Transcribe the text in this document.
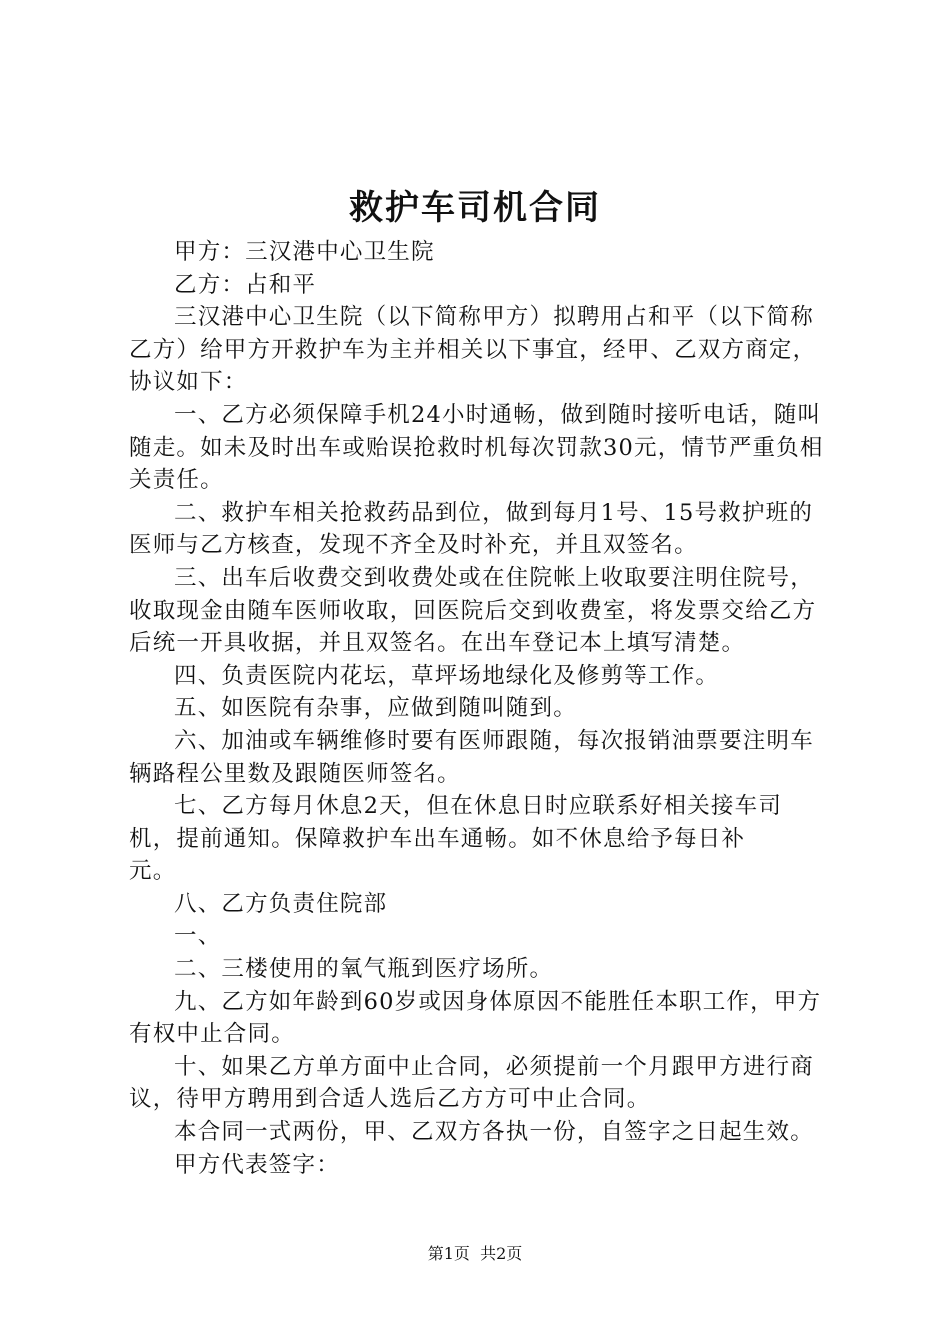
救护车司机合同

甲方：三汉港中心卫生院

乙方：占和平

三汉港中心卫生院（以下简称甲方）拟聘用占和平（以下简称乙方）给甲方开救护车为主并相关以下事宜，经甲、乙双方商定，协议如下：

一、乙方必须保障手机24小时通畅，做到随时接听电话，随叫随走。如未及时出车或贻误抢救时机每次罚款30元，情节严重负相关责任。

二、救护车相关抢救药品到位，做到每月1号、15号救护班的医师与乙方核查，发现不齐全及时补充，并且双签名。

三、出车后收费交到收费处或在住院帐上收取要注明住院号，收取现金由随车医师收取，回医院后交到收费室，将发票交给乙方后统一开具收据，并且双签名。在出车登记本上填写清楚。

四、负责医院内花坛，草坪场地绿化及修剪等工作。

五、如医院有杂事，应做到随叫随到。

六、加油或车辆维修时要有医师跟随，每次报销油票要注明车辆路程公里数及跟随医师签名。

七、乙方每月休息2天，但在休息日时应联系好相关接车司机，提前通知。保障救护车出车通畅。如不休息给予每日补

元。

八、乙方负责住院部

一、

二、三楼使用的氧气瓶到医疗场所。

九、乙方如年龄到60岁或因身体原因不能胜任本职工作，甲方有权中止合同。

十、如果乙方单方面中止合同，必须提前一个月跟甲方进行商议，待甲方聘用到合适人选后乙方方可中止合同。

本合同一式两份，甲、乙双方各执一份，自签字之日起生效。

甲方代表签字：

第1页 共2页
